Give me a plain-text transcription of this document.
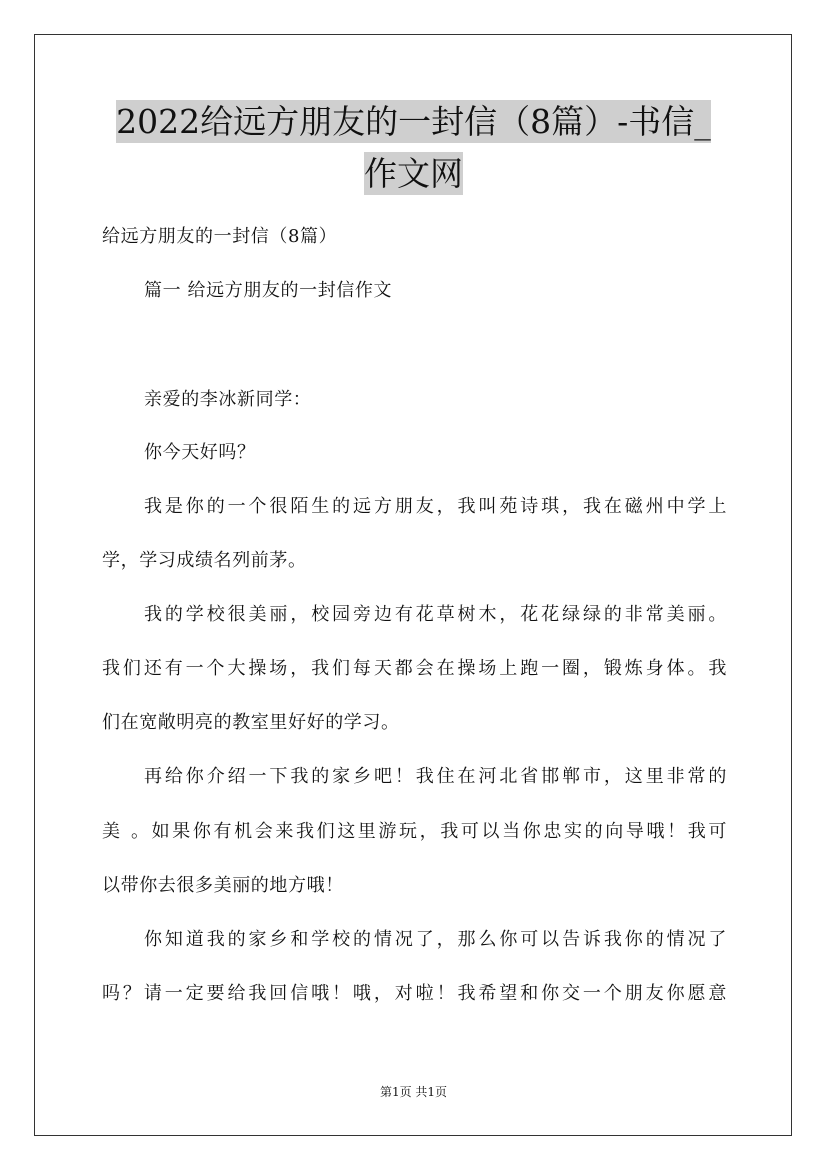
2022给远方朋友的一封信（8篇）-书信_作文网
给远方朋友的一封信（8篇）
篇一 给远方朋友的一封信作文
亲爱的李冰新同学：
你今天好吗？
我是你的一个很陌生的远方朋友，我叫苑诗琪，我在磁州中学上
学，学习成绩名列前茅。
我的学校很美丽，校园旁边有花草树木，花花绿绿的非常美丽。
我们还有一个大操场，我们每天都会在操场上跑一圈，锻炼身体。我
们在宽敞明亮的教室里好好的学习。
再给你介绍一下我的家乡吧！我住在河北省邯郸市，这里非常的
美 。如果你有机会来我们这里游玩，我可以当你忠实的向导哦！我可
以带你去很多美丽的地方哦！
你知道我的家乡和学校的情况了，那么你可以告诉我你的情况了
吗？请一定要给我回信哦！哦，对啦！我希望和你交一个朋友你愿意
第1页 共1页
